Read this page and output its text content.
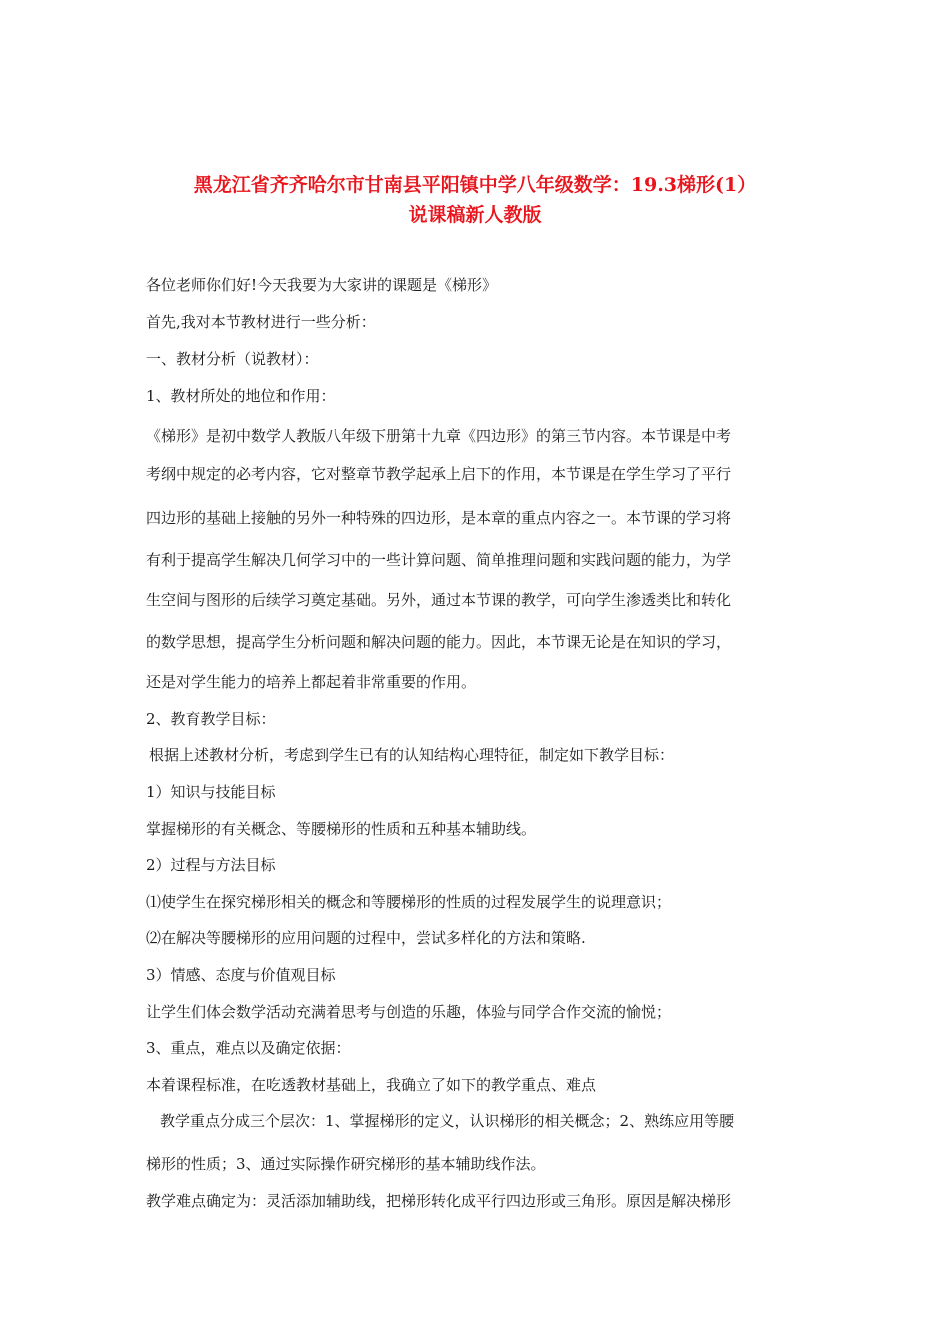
黑龙江省齐齐哈尔市甘南县平阳镇中学八年级数学：19.3梯形(1）
说课稿新人教版
各位老师你们好!今天我要为大家讲的课题是《梯形》
首先,我对本节教材进行一些分析：
一、教材分析（说教材）：
1、教材所处的地位和作用：
《梯形》是初中数学人教版八年级下册第十九章《四边形》的第三节内容。本节课是中考
考纲中规定的必考内容，它对整章节教学起承上启下的作用，本节课是在学生学习了平行
四边形的基础上接触的另外一种特殊的四边形，是本章的重点内容之一。本节课的学习将
有利于提高学生解决几何学习中的一些计算问题、简单推理问题和实践问题的能力，为学
生空间与图形的后续学习奠定基础。另外，通过本节课的教学，可向学生渗透类比和转化
的数学思想，提高学生分析问题和解决问题的能力。因此，本节课无论是在知识的学习，
还是对学生能力的培养上都起着非常重要的作用。
2、教育教学目标：
根据上述教材分析，考虑到学生已有的认知结构心理特征，制定如下教学目标：
1）知识与技能目标
掌握梯形的有关概念、等腰梯形的性质和五种基本辅助线。
2）过程与方法目标
⑴使学生在探究梯形相关的概念和等腰梯形的性质的过程发展学生的说理意识；
⑵在解决等腰梯形的应用问题的过程中，尝试多样化的方法和策略.
3）情感、态度与价值观目标
让学生们体会数学活动充满着思考与创造的乐趣，体验与同学合作交流的愉悦；
3、重点，难点以及确定依据：
本着课程标准，在吃透教材基础上，我确立了如下的教学重点、难点
教学重点分成三个层次：1、掌握梯形的定义，认识梯形的相关概念；2、熟练应用等腰
梯形的性质；3、通过实际操作研究梯形的基本辅助线作法。
教学难点确定为：灵活添加辅助线，把梯形转化成平行四边形或三角形。原因是解决梯形
